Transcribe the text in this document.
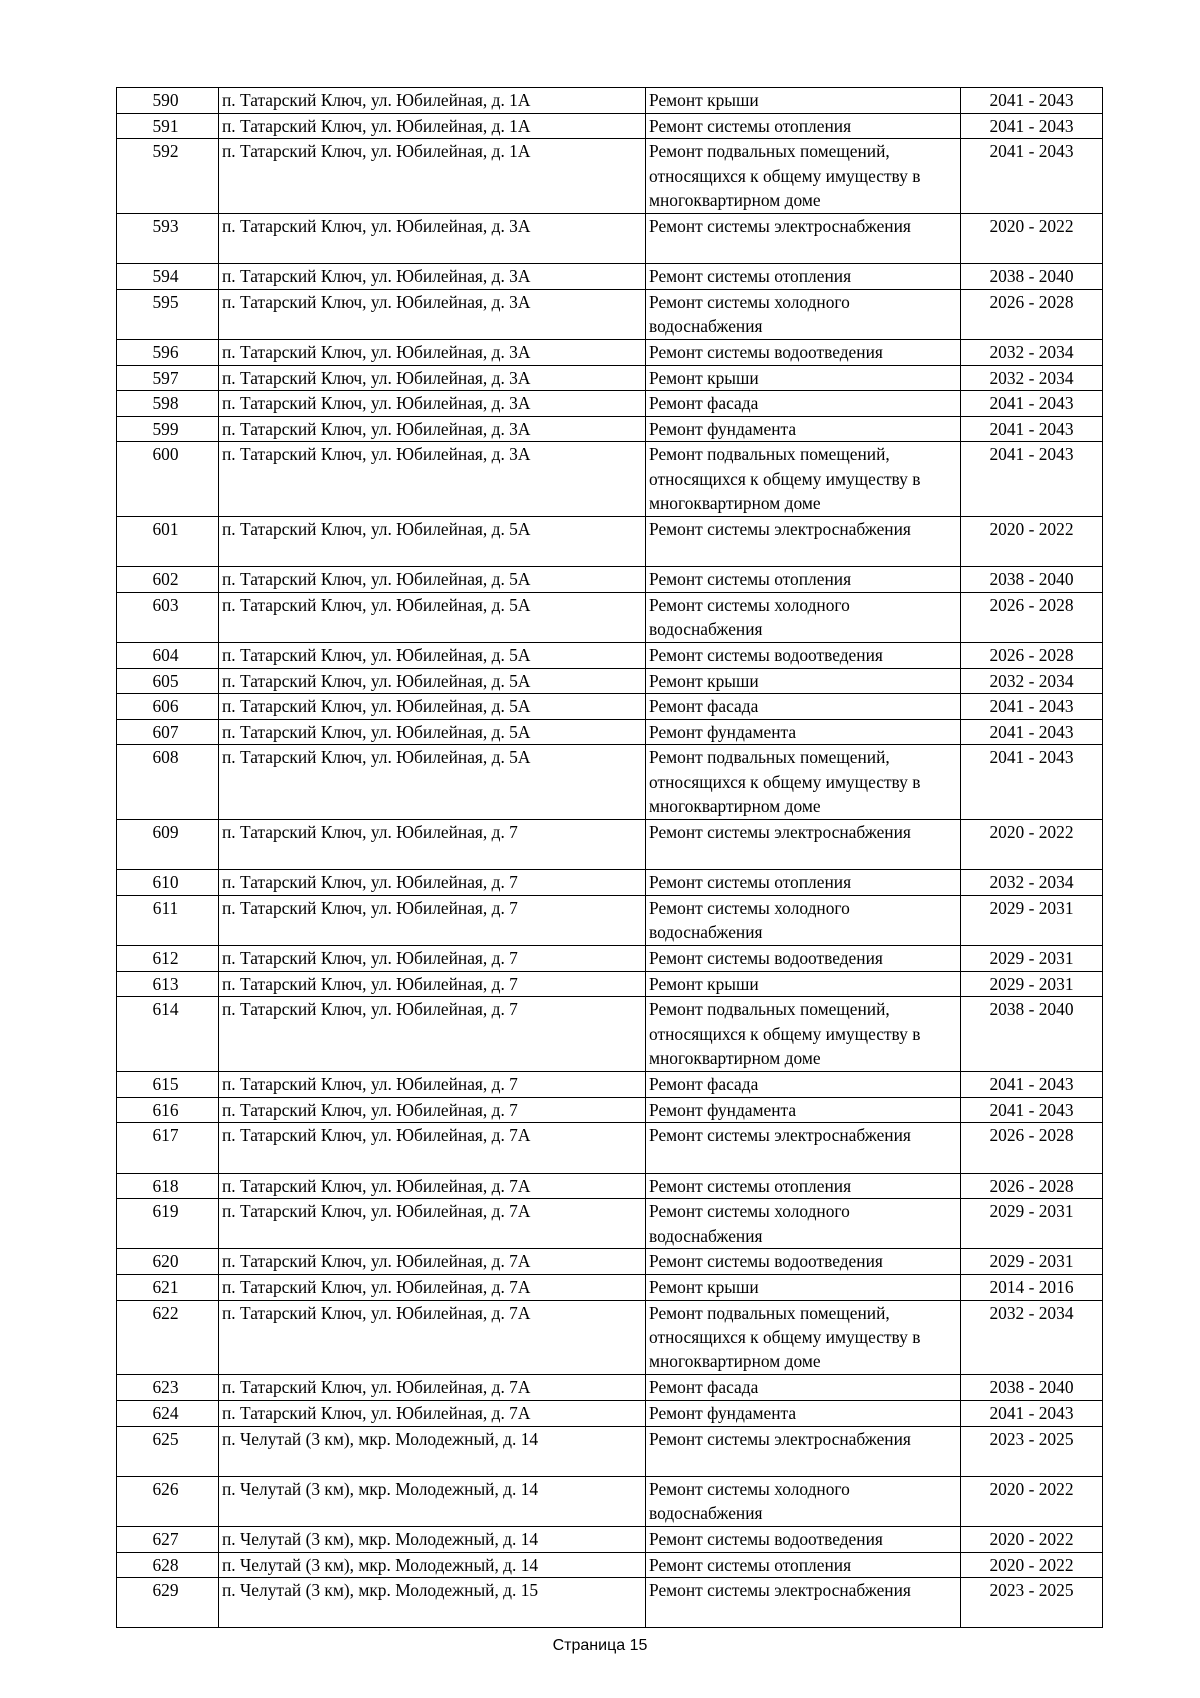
590	п. Татарский Ключ, ул. Юбилейная, д. 1А	Ремонт крыши	2041 - 2043
591	п. Татарский Ключ, ул. Юбилейная, д. 1А	Ремонт системы отопления	2041 - 2043
592	п. Татарский Ключ, ул. Юбилейная, д. 1А	Ремонт подвальных помещений, относящихся к общему имуществу в многоквартирном доме	2041 - 2043
593	п. Татарский Ключ, ул. Юбилейная, д. 3А	Ремонт системы электроснабжения	2020 - 2022
594	п. Татарский Ключ, ул. Юбилейная, д. 3А	Ремонт системы отопления	2038 - 2040
595	п. Татарский Ключ, ул. Юбилейная, д. 3А	Ремонт системы холодного водоснабжения	2026 - 2028
596	п. Татарский Ключ, ул. Юбилейная, д. 3А	Ремонт системы водоотведения	2032 - 2034
597	п. Татарский Ключ, ул. Юбилейная, д. 3А	Ремонт крыши	2032 - 2034
598	п. Татарский Ключ, ул. Юбилейная, д. 3А	Ремонт фасада	2041 - 2043
599	п. Татарский Ключ, ул. Юбилейная, д. 3А	Ремонт фундамента	2041 - 2043
600	п. Татарский Ключ, ул. Юбилейная, д. 3А	Ремонт подвальных помещений, относящихся к общему имуществу в многоквартирном доме	2041 - 2043
601	п. Татарский Ключ, ул. Юбилейная, д. 5А	Ремонт системы электроснабжения	2020 - 2022
602	п. Татарский Ключ, ул. Юбилейная, д. 5А	Ремонт системы отопления	2038 - 2040
603	п. Татарский Ключ, ул. Юбилейная, д. 5А	Ремонт системы холодного водоснабжения	2026 - 2028
604	п. Татарский Ключ, ул. Юбилейная, д. 5А	Ремонт системы водоотведения	2026 - 2028
605	п. Татарский Ключ, ул. Юбилейная, д. 5А	Ремонт крыши	2032 - 2034
606	п. Татарский Ключ, ул. Юбилейная, д. 5А	Ремонт фасада	2041 - 2043
607	п. Татарский Ключ, ул. Юбилейная, д. 5А	Ремонт фундамента	2041 - 2043
608	п. Татарский Ключ, ул. Юбилейная, д. 5А	Ремонт подвальных помещений, относящихся к общему имуществу в многоквартирном доме	2041 - 2043
609	п. Татарский Ключ, ул. Юбилейная, д. 7	Ремонт системы электроснабжения	2020 - 2022
610	п. Татарский Ключ, ул. Юбилейная, д. 7	Ремонт системы отопления	2032 - 2034
611	п. Татарский Ключ, ул. Юбилейная, д. 7	Ремонт системы холодного водоснабжения	2029 - 2031
612	п. Татарский Ключ, ул. Юбилейная, д. 7	Ремонт системы водоотведения	2029 - 2031
613	п. Татарский Ключ, ул. Юбилейная, д. 7	Ремонт крыши	2029 - 2031
614	п. Татарский Ключ, ул. Юбилейная, д. 7	Ремонт подвальных помещений, относящихся к общему имуществу в многоквартирном доме	2038 - 2040
615	п. Татарский Ключ, ул. Юбилейная, д. 7	Ремонт фасада	2041 - 2043
616	п. Татарский Ключ, ул. Юбилейная, д. 7	Ремонт фундамента	2041 - 2043
617	п. Татарский Ключ, ул. Юбилейная, д. 7А	Ремонт системы электроснабжения	2026 - 2028
618	п. Татарский Ключ, ул. Юбилейная, д. 7А	Ремонт системы отопления	2026 - 2028
619	п. Татарский Ключ, ул. Юбилейная, д. 7А	Ремонт системы холодного водоснабжения	2029 - 2031
620	п. Татарский Ключ, ул. Юбилейная, д. 7А	Ремонт системы водоотведения	2029 - 2031
621	п. Татарский Ключ, ул. Юбилейная, д. 7А	Ремонт крыши	2014 - 2016
622	п. Татарский Ключ, ул. Юбилейная, д. 7А	Ремонт подвальных помещений, относящихся к общему имуществу в многоквартирном доме	2032 - 2034
623	п. Татарский Ключ, ул. Юбилейная, д. 7А	Ремонт фасада	2038 - 2040
624	п. Татарский Ключ, ул. Юбилейная, д. 7А	Ремонт фундамента	2041 - 2043
625	п. Челутай (3 км), мкр. Молодежный, д. 14	Ремонт системы электроснабжения	2023 - 2025
626	п. Челутай (3 км), мкр. Молодежный, д. 14	Ремонт системы холодного водоснабжения	2020 - 2022
627	п. Челутай (3 км), мкр. Молодежный, д. 14	Ремонт системы водоотведения	2020 - 2022
628	п. Челутай (3 км), мкр. Молодежный, д. 14	Ремонт системы отопления	2020 - 2022
629	п. Челутай (3 км), мкр. Молодежный, д. 15	Ремонт системы электроснабжения	2023 - 2025
Страница 15
